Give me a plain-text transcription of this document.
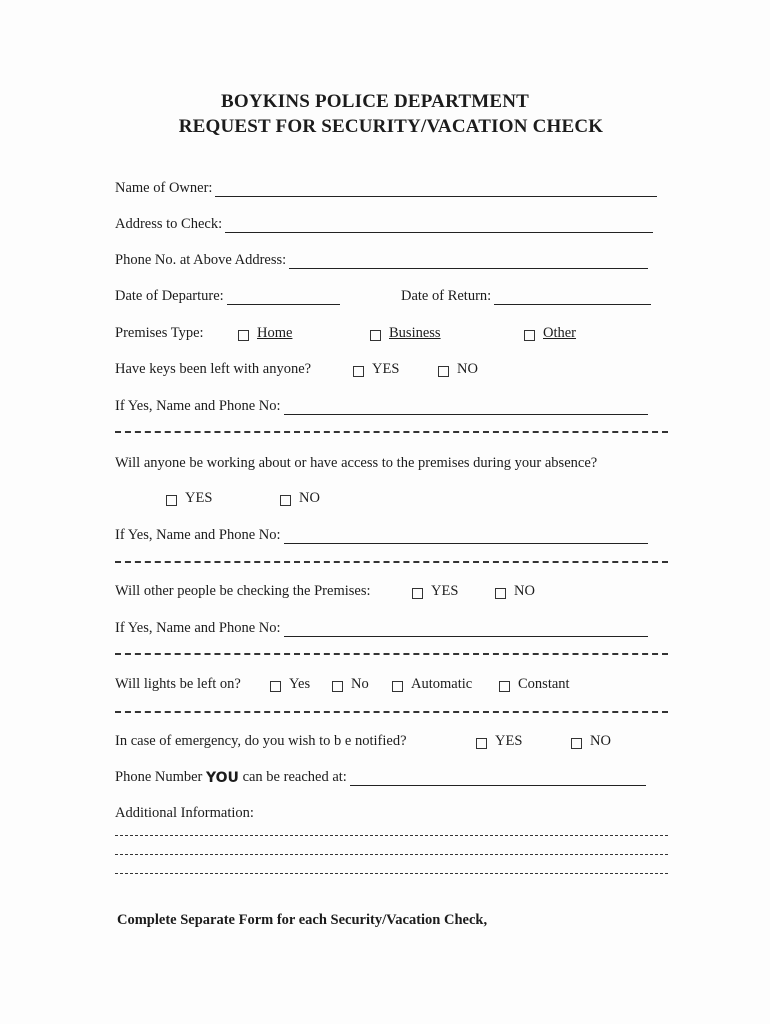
BOYKINS POLICE DEPARTMENT
REQUEST FOR SECURITY/VACATION CHECK
Name of Owner:
Address to Check:
Phone No. at Above Address:
Date of Departure:	Date of Return:
Premises Type:	Home	Business	Other
Have keys been left with anyone?	YES	NO
If Yes, Name and Phone No:
Will anyone be working about or have access to the premises during your absence?
YES	NO
If Yes, Name and Phone No:
Will other people be checking the Premises:	YES	NO
If Yes, Name and Phone No:
Will lights be left on?	Yes	No	Automatic	Constant
In case of emergency, do you wish to b e notified?	YES	NO
Phone Number
YOU
can be reached at:
Additional Information:
Complete Separate Form for each Security/Vacation Check,
